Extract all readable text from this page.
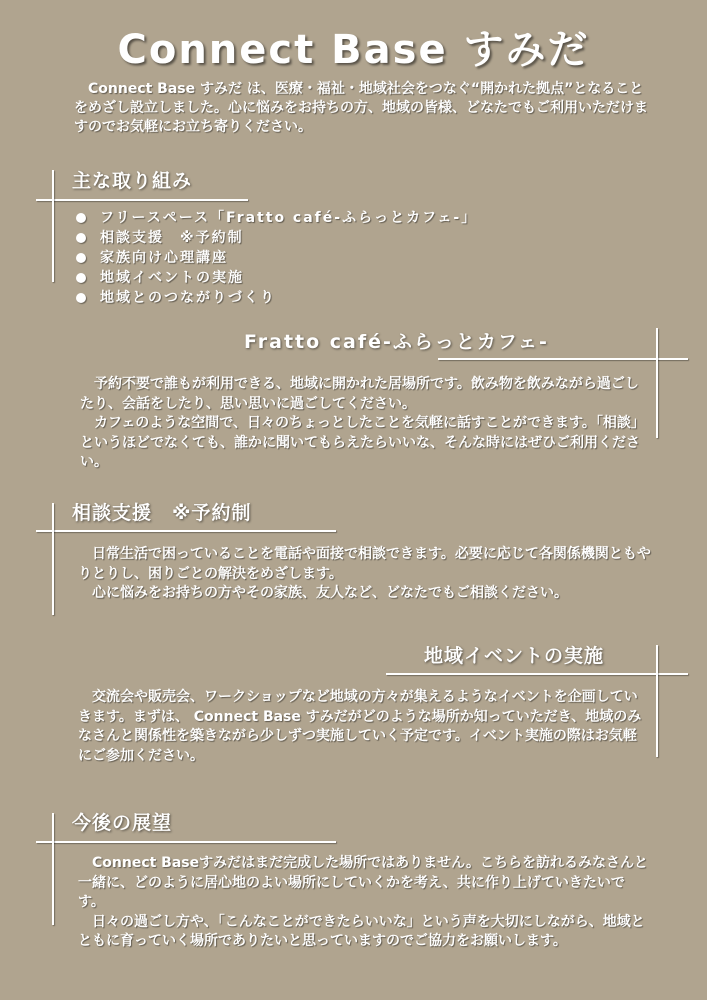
Connect Base すみだ
Connect Base すみだ は、医療・福祉・地域社会をつなぐ“開かれた拠点”となることをめざし設立しました。心に悩みをお持ちの方、地域の皆様、どなたでもご利用いただけますのでお気軽にお立ち寄りください。
主な取り組み
フリースペース「Fratto café-ふらっとカフェ-」
相談支援　※予約制
家族向け心理講座
地域イベントの実施
地域とのつながりづくり
Fratto café-ふらっとカフェ-

予約不要で誰もが利用できる、地域に開かれた居場所です。飲み物を飲みながら過ごしたり、会話をしたり、思い思いに過ごしてください。

カフェのような空間で、日々のちょっとしたことを気軽に話すことができます。「相談」というほどでなくても、誰かに聞いてもらえたらいいな、そんな時にはぜひご利用ください。

相談支援　※予約制

日常生活で困っていることを電話や面接で相談できます。必要に応じて各関係機関ともやりとりし、困りごとの解決をめざします。

心に悩みをお持ちの方やその家族、友人など、どなたでもご相談ください。

地域イベントの実施

交流会や販売会、ワークショップなど地域の方々が集えるようなイベントを企画していきます。まずは、 Connect Base すみだがどのような場所か知っていただき、地域のみなさんと関係性を築きながら少しずつ実施していく予定です。イベント実施の際はお気軽にご参加ください。

今後の展望

Connect Baseすみだはまだ完成した場所ではありません。こちらを訪れるみなさんと一緒に、どのように居心地のよい場所にしていくかを考え、共に作り上げていきたいです。

日々の過ごし方や、「こんなことができたらいいな」という声を大切にしながら、地域とともに育っていく場所でありたいと思っていますのでご協力をお願いします。
